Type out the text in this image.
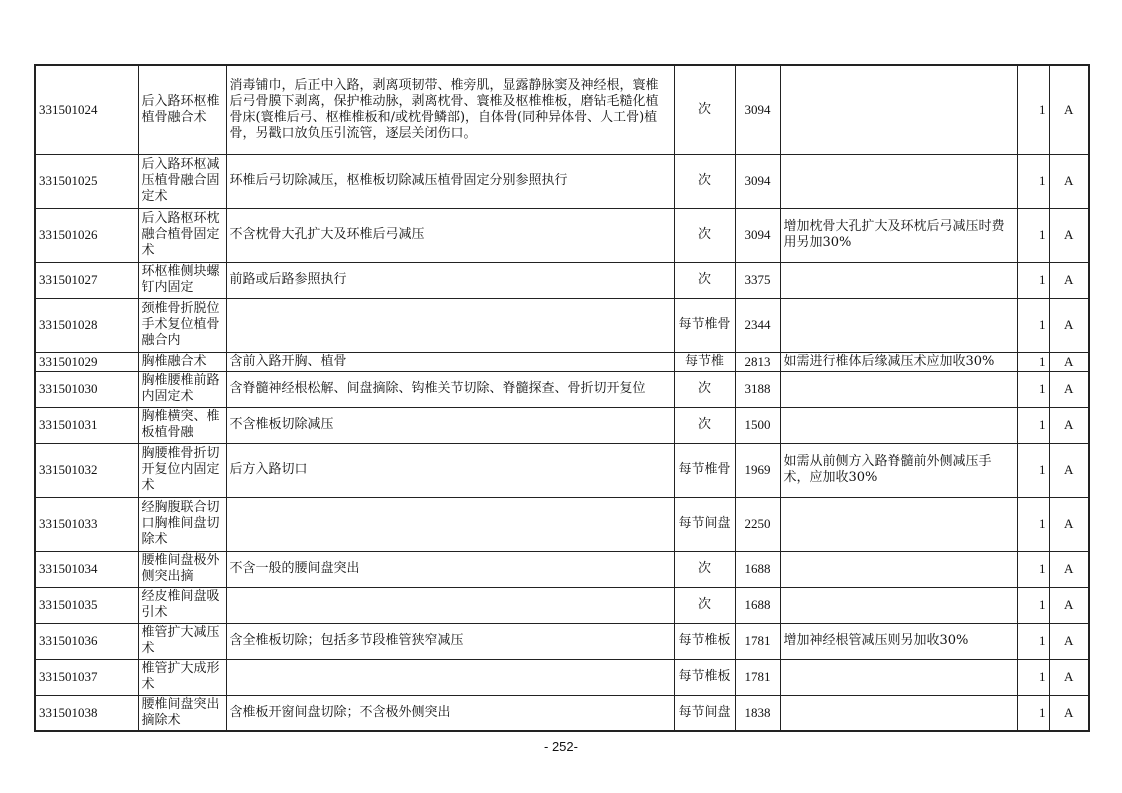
331501024	后入路环枢椎植骨融合术	消毒铺巾，后正中入路，剥离项韧带、椎旁肌，显露静脉窦及神经根，寰椎后弓骨膜下剥离，保护椎动脉，剥离枕骨、寰椎及枢椎椎板，磨钻毛糙化植骨床(寰椎后弓、枢椎椎板和/或枕骨鳞部)，自体骨(同种异体骨、人工骨)植骨，另戳口放负压引流管，逐层关闭伤口。	次	3094		1	A
331501025	后入路环枢减压植骨融合固定术	环椎后弓切除减压，枢椎板切除减压植骨固定分别参照执行	次	3094		1	A
331501026	后入路枢环枕融合植骨固定术	不含枕骨大孔扩大及环椎后弓减压	次	3094	增加枕骨大孔扩大及环枕后弓减压时费用另加30%	1	A
331501027	环枢椎侧块螺钉内固定	前路或后路参照执行	次	3375		1	A
331501028	颈椎骨折脱位手术复位植骨融合内		每节椎骨	2344		1	A
331501029	胸椎融合术	含前入路开胸、植骨	每节椎	2813	如需进行椎体后缘减压术应加收30%	1	A
331501030	胸椎腰椎前路内固定术	含脊髓神经根松解、间盘摘除、钩椎关节切除、脊髓探查、骨折切开复位	次	3188		1	A
331501031	胸椎横突、椎板植骨融	不含椎板切除减压	次	1500		1	A
331501032	胸腰椎骨折切开复位内固定术	后方入路切口	每节椎骨	1969	如需从前侧方入路脊髓前外侧减压手术，应加收30%	1	A
331501033	经胸腹联合切口胸椎间盘切除术		每节间盘	2250		1	A
331501034	腰椎间盘极外侧突出摘	不含一般的腰间盘突出	次	1688		1	A
331501035	经皮椎间盘吸引术		次	1688		1	A
331501036	椎管扩大减压术	含全椎板切除；包括多节段椎管狭窄减压	每节椎板	1781	增加神经根管减压则另加收30%	1	A
331501037	椎管扩大成形术		每节椎板	1781		1	A
331501038	腰椎间盘突出摘除术	含椎板开窗间盘切除；不含极外侧突出	每节间盘	1838		1	A
- 252-
